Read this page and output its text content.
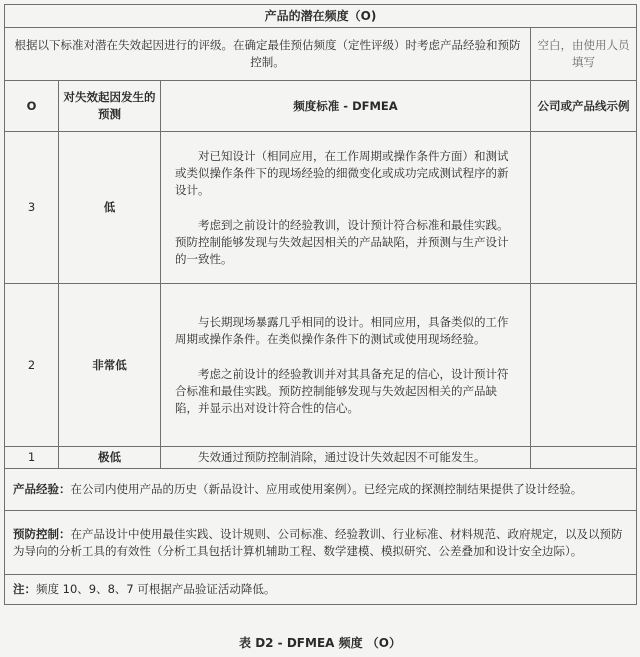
产品的潜在频度（O)			
根据以下标准对潜在失效起因进行的评级。在确定最佳预估频度（定性评级）时考虑产品经验和预防控制。			空白，由使用人员填写
O	对失效起因发生的预测	频度标准 - DFMEA	公司或产品线示例
3	低	对已知设计（相同应用，在工作周期或操作条件方面）和测试或类似操作条件下的现场经验的细微变化或成功完成测试程序的新设计。

考虑到之前设计的经验教训，设计预计符合标准和最佳实践。预防控制能够发现与失效起因相关的产品缺陷，并预测与生产设计的一致性。	

2	非常低	与长期现场暴露几乎相同的设计。相同应用，具备类似的工作周期或操作条件。在类似操作条件下的测试或使用现场经验。

考虑之前设计的经验教训并对其具备充足的信心，设计预计符合标准和最佳实践。预防控制能够发现与失效起因相关的产品缺陷，并显示出对设计符合性的信心。	

1	极低	失效通过预防控制消除，通过设计失效起因不可能发生。	

产品经验：在公司内使用产品的历史（新品设计、应用或使用案例）。已经完成的探测控制结果提供了设计经验。			
预防控制：在产品设计中使用最佳实践、设计规则、公司标准、经验教训、行业标准、材料规范、政府规定，以及以预防为导向的分析工具的有效性（分析工具包括计算机辅助工程、数学建模、模拟研究、公差叠加和设计安全边际）。			
注：频度 10、9、8、7 可根据产品验证活动降低。			
表 D2 - DFMEA 频度 （O）
